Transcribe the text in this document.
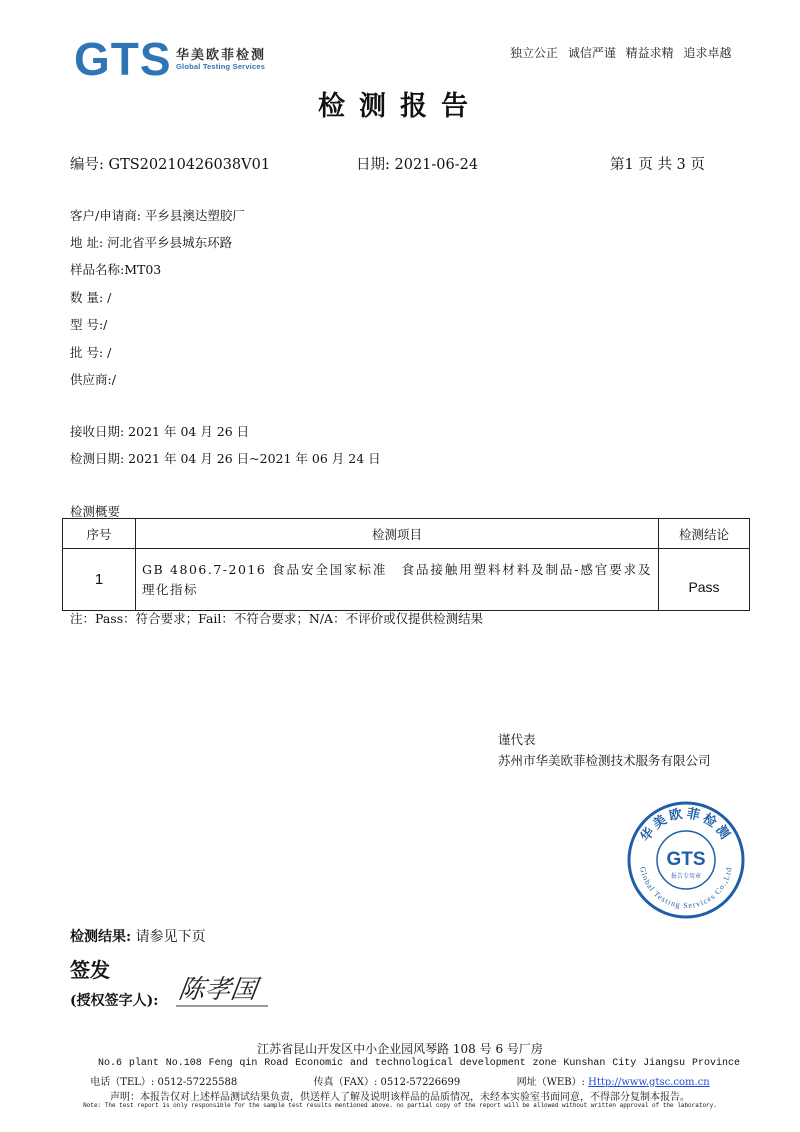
GTS 华美欧菲检测
Global Testing Services
独立公正 诚信严谨 精益求精 追求卓越
检测报告
编号: GTS20210426038V01	日期: 2021-06-24	第1 页 共 3 页
客户/申请商: 平乡县澳达塑胶厂
地 址: 河北省平乡县城东环路
样品名称:MT03
数 量: /
型 号:/
批 号: /
供应商:/
接收日期: 2021 年 04 月 26 日
检测日期: 2021 年 04 月 26 日~2021 年 06 月 24 日
检测概要
序号	检测项目	检测结论
1	GB 4806.7-2016 食品安全国家标准　食品接触用塑料材料及制品-感官要求及理化指标	Pass
注：Pass：符合要求；Fail：不符合要求；N/A：不评价或仅提供检测结果
谨代表
苏州市华美欧菲检测技术服务有限公司
华美欧菲检测
Global Testing Services Co.,Ltd
GTS
报告专用章
检测结果: 请参见下页
签发
(授权签字人): 陈孝国
江苏省昆山开发区中小企业园风琴路 108 号 6 号厂房
No.6 plant No.108 Feng qin Road Economic and technological development zone Kunshan City Jiangsu Province
电话（TEL）: 0512-57225588	传真（FAX）: 0512-57226699	网址（WEB）: Http://www.gtsc.com.cn
声明：本报告仅对上述样品测试结果负责，供送样人了解及说明该样品的品质情况，未经本实验室书面同意，不得部分复制本报告。
Note: The test report is only responsible for the sample test results mentioned above. no partial copy of the report will be allowed without written approval of the laboratory.
